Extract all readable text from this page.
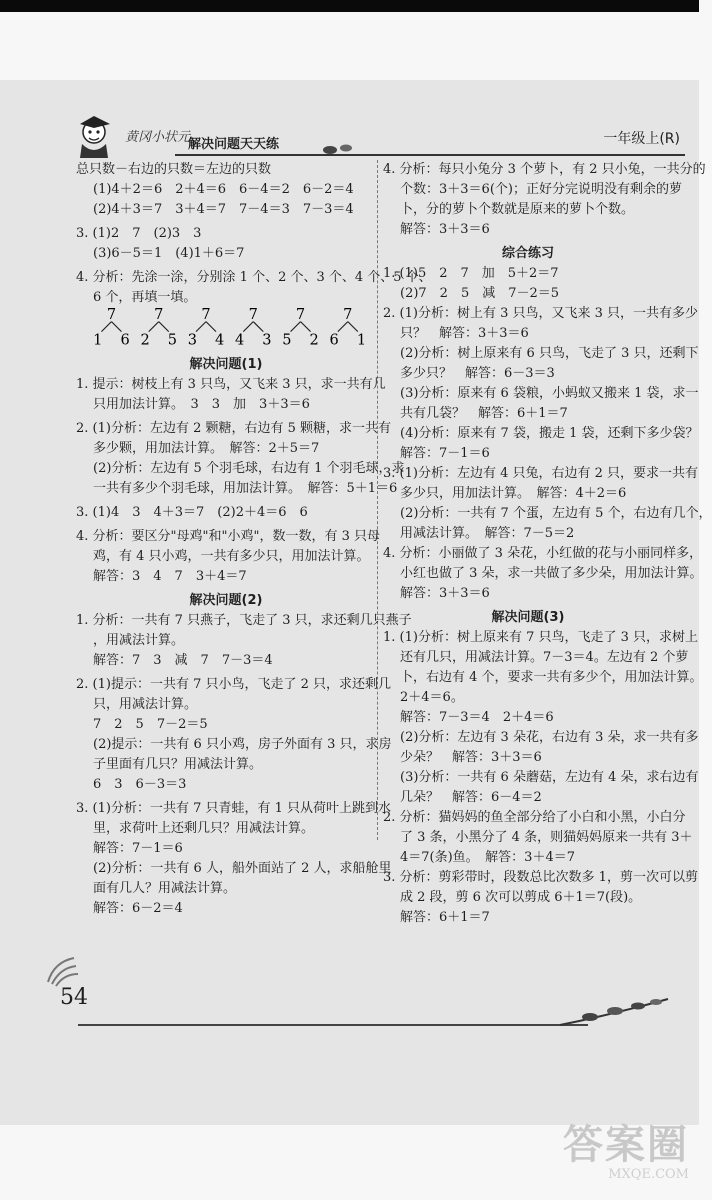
黄冈小状元
解决问题天天练	一年级上(R)
总只数－右边的只数＝左边的只数
(1)4＋2＝6　2＋4＝6　6－4＝2　6－2＝4
(2)4＋3＝7　3＋4＝7　7－4＝3　7－3＝4
3. (1)2　7　(2)3　3
(3)6－5＝1　(4)1＋6＝7
4. 分析：先涂一涂，分别涂 1 个、2 个、3 个、4 个、5 个、
6 个，再填一填。
7
1 6
7
2 5
7
3 4
7
4 3
7
5 2
7
6 1
解决问题(1)
1. 提示：树枝上有 3 只鸟，又飞来 3 只，求一共有几
只用加法计算。　3　3　加　3＋3＝6
2. (1)分析：左边有 2 颗糖，右边有 5 颗糖，求一共有
多少颗，用加法计算。　解答：2＋5＝7
(2)分析：左边有 5 个羽毛球，右边有 1 个羽毛球，求
一共有多少个羽毛球，用加法计算。　解答：5＋1＝6
3. (1)4　3　4＋3＝7　(2)2＋4＝6　6
4. 分析：要区分"母鸡"和"小鸡"，数一数，有 3 只母
鸡，有 4 只小鸡，一共有多少只，用加法计算。
解答：3　4　7　3＋4＝7
解决问题(2)
1. 分析：一共有 7 只燕子，飞走了 3 只，求还剩几只燕子
，用减法计算。
解答：7　3　减　7　7－3＝4
2. (1)提示：一共有 7 只小鸟，飞走了 2 只，求还剩几
只，用减法计算。
7　2　5　7－2＝5
(2)提示：一共有 6 只小鸡，房子外面有 3 只，求房
子里面有几只？用减法计算。
6　3　6－3＝3
3. (1)分析：一共有 7 只青蛙，有 1 只从荷叶上跳到水
里，求荷叶上还剩几只？用减法计算。
解答：7－1＝6
(2)分析：一共有 6 人，船外面站了 2 人，求船舱里
面有几人？用减法计算。
解答：6－2＝4
4. 分析：每只小兔分 3 个萝卜，有 2 只小兔，一共分的
个数：3＋3＝6(个)；正好分完说明没有剩余的萝
卜，分的萝卜个数就是原来的萝卜个数。
解答：3＋3＝6
综合练习
1. (1)5　2　7　加　5＋2＝7
(2)7　2　5　减　7－2＝5
2. (1)分析：树上有 3 只鸟，又飞来 3 只，一共有多少
只？　解答：3＋3＝6
(2)分析：树上原来有 6 只鸟，飞走了 3 只，还剩下
多少只？　解答：6－3＝3
(3)分析：原来有 6 袋粮，小蚂蚁又搬来 1 袋，求一
共有几袋？　解答：6＋1＝7
(4)分析：原来有 7 袋，搬走 1 袋，还剩下多少袋？
解答：7－1＝6
3. (1)分析：左边有 4 只兔，右边有 2 只，要求一共有
多少只，用加法计算。　解答：4＋2＝6
(2)分析：一共有 7 个蛋，左边有 5 个，右边有几个，
用减法计算。　解答：7－5＝2
4. 分析：小丽做了 3 朵花，小红做的花与小丽同样多，
小红也做了 3 朵，求一共做了多少朵，用加法计算。
解答：3＋3＝6
解决问题(3)
1. (1)分析：树上原来有 7 只鸟，飞走了 3 只，求树上
还有几只，用减法计算。7－3＝4。左边有 2 个萝
卜，右边有 4 个，要求一共有多少个，用加法计算。
2＋4＝6。
解答：7－3＝4　2＋4＝6
(2)分析：左边有 3 朵花，右边有 3 朵，求一共有多
少朵？　解答：3＋3＝6
(3)分析：一共有 6 朵蘑菇，左边有 4 朵，求右边有
几朵？　解答：6－4＝2
2. 分析：猫妈妈的鱼全部分给了小白和小黑，小白分
了 3 条，小黑分了 4 条，则猫妈妈原来一共有 3＋
4＝7(条)鱼。　解答：3＋4＝7
3. 分析：剪彩带时，段数总比次数多 1，剪一次可以剪
成 2 段，剪 6 次可以剪成 6＋1＝7(段)。
解答：6＋1＝7
54
答案圈
MXQE.COM
